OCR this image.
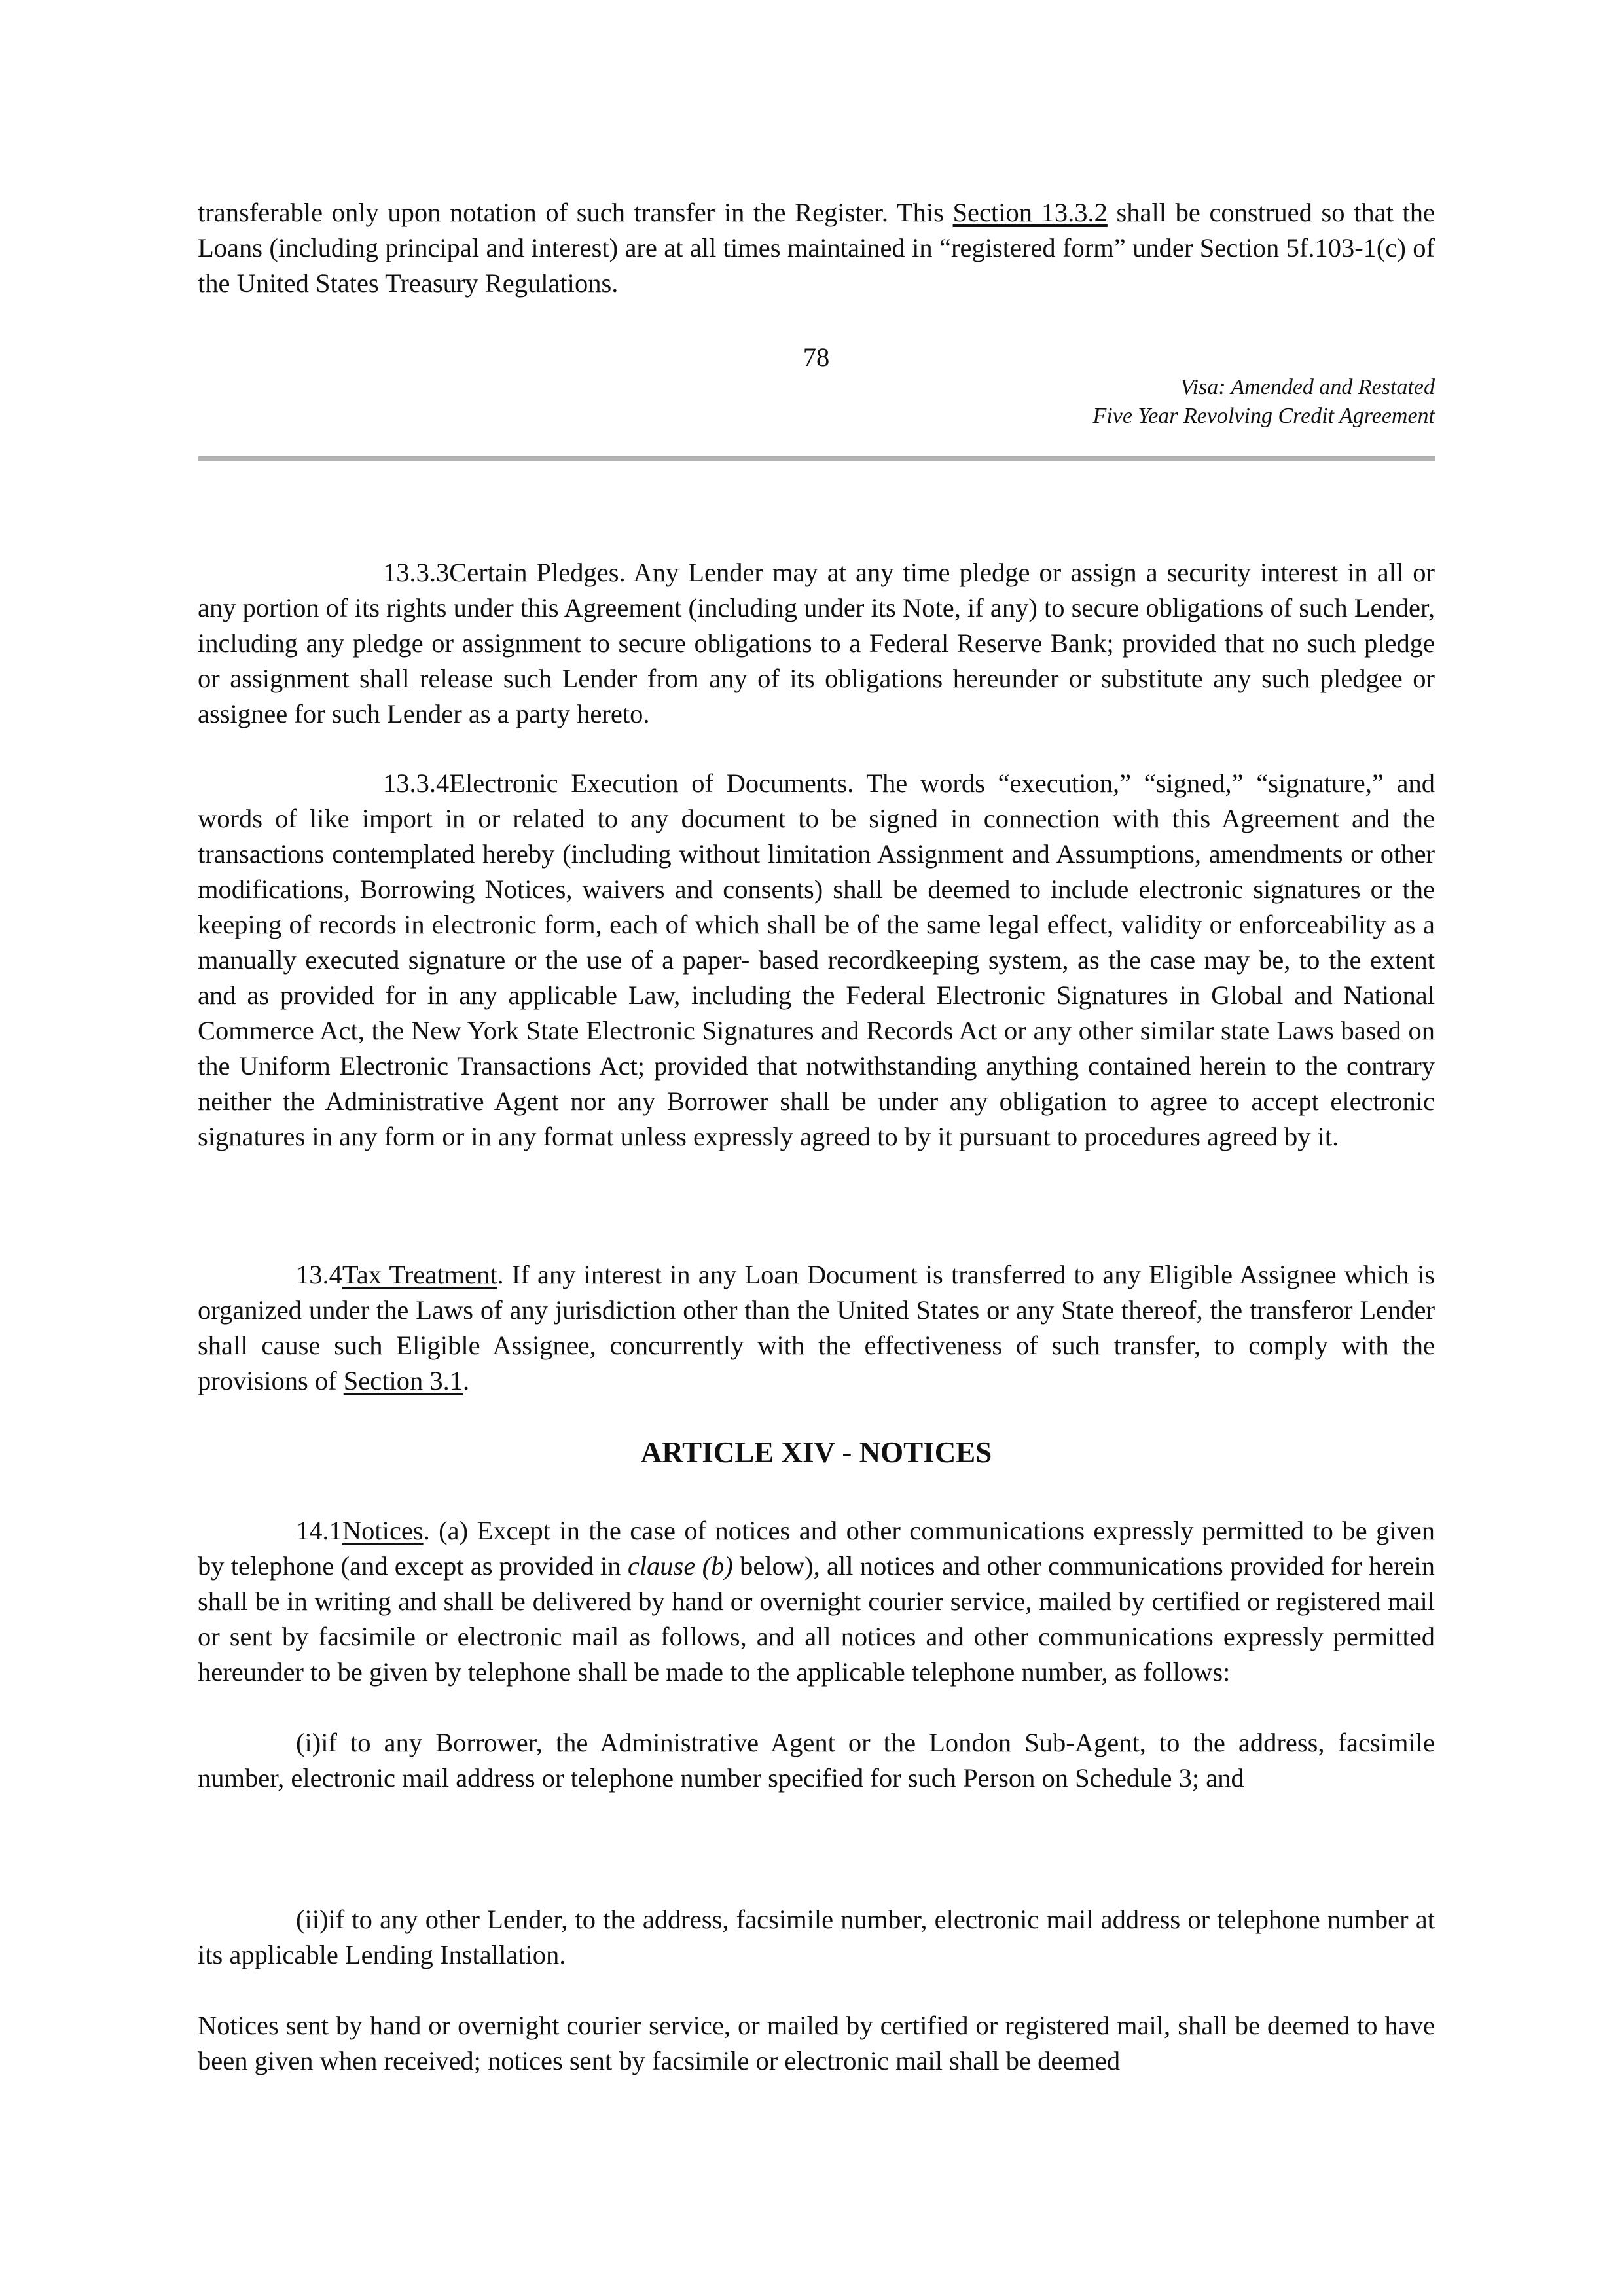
transferable only upon notation of such transfer in the Register. This Section 13.3.2 shall be construed so that the Loans (including principal and interest) are at all times maintained in “registered form” under Section 5f.103-1(c) of the United States Treasury Regulations.

78
Visa: Amended and Restated
Five Year Revolving Credit Agreement

13.3.3Certain Pledges. Any Lender may at any time pledge or assign a security interest in all or any portion of its rights under this Agreement (including under its Note, if any) to secure obligations of such Lender, including any pledge or assignment to secure obligations to a Federal Reserve Bank; provided that no such pledge or assignment shall release such Lender from any of its obligations hereunder or substitute any such pledgee or assignee for such Lender as a party hereto.

13.3.4Electronic Execution of Documents. The words “execution,” “signed,” “signature,” and words of like import in or related to any document to be signed in connection with this Agreement and the transactions contemplated hereby (including without limitation Assignment and Assumptions, amendments or other modifications, Borrowing Notices, waivers and consents) shall be deemed to include electronic signatures or the keeping of records in electronic form, each of which shall be of the same legal effect, validity or enforceability as a manually executed signature or the use of a paper- based recordkeeping system, as the case may be, to the extent and as provided for in any applicable Law, including the Federal Electronic Signatures in Global and National Commerce Act, the New York State Electronic Signatures and Records Act or any other similar state Laws based on the Uniform Electronic Transactions Act; provided that notwithstanding anything contained herein to the contrary neither the Administrative Agent nor any Borrower shall be under any obligation to agree to accept electronic signatures in any form or in any format unless expressly agreed to by it pursuant to procedures agreed by it.

13.4Tax Treatment. If any interest in any Loan Document is transferred to any Eligible Assignee which is organized under the Laws of any jurisdiction other than the United States or any State thereof, the transferor Lender shall cause such Eligible Assignee, concurrently with the effectiveness of such transfer, to comply with the provisions of Section 3.1.

ARTICLE XIV - NOTICES

14.1Notices. (a) Except in the case of notices and other communications expressly permitted to be given by telephone (and except as provided in clause (b) below), all notices and other communications provided for herein shall be in writing and shall be delivered by hand or overnight courier service, mailed by certified or registered mail or sent by facsimile or electronic mail as follows, and all notices and other communications expressly permitted hereunder to be given by telephone shall be made to the applicable telephone number, as follows:

(i)if to any Borrower, the Administrative Agent or the London Sub-Agent, to the address, facsimile number, electronic mail address or telephone number specified for such Person on Schedule 3; and

(ii)if to any other Lender, to the address, facsimile number, electronic mail address or telephone number at its applicable Lending Installation.

Notices sent by hand or overnight courier service, or mailed by certified or registered mail, shall be deemed to have been given when received; notices sent by facsimile or electronic mail shall be deemed
